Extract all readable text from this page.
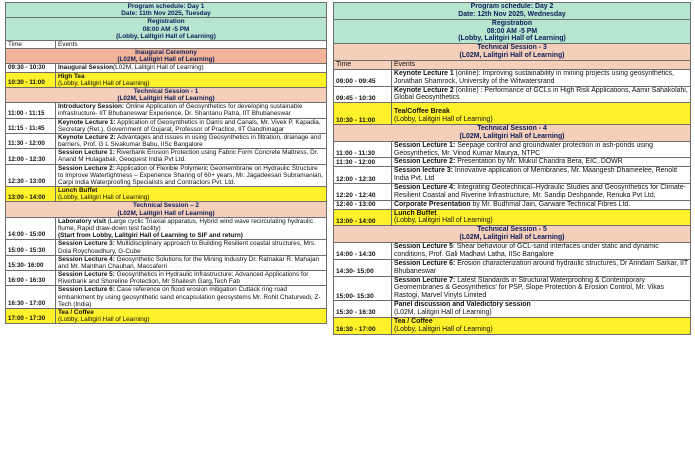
Program schedule: Day 1
Date: 11th Nov 2025, Tuesday	

Registration
08:00 AM -5 PM
(Lobby, Lalitgiri Hall of Learning)	

Time	Events

Inaugural Ceremony
(L02M, Lalitgiri Hall of Learning)	

09:30 - 10:30	Inaugural Session(L02M, Lalitgiri Hall of Learning)
10:30 - 11:00	High Tea
(Lobby, Lalitgiri Hall of Learning)

Technical Session - 1
(L02M, Lalitgiri Hall of Learning)	

11:00 - 11:15	Introductory Session: Online Application of Geosynthetics for developing sustainable infrastructure- IIT Bhubaneswar Experience, Dr. Shantanu Patra, IIT Bhubaneswar
11:15 - 11:45	Keynote Lecture 1: Application of Geosynthetics in Dams and Canals, Mr. Vivek P. Kapadia, Secretary (Ret.), Government of Gujarat, Professor of Practice, IIT Gandhinagar
11:30 - 12:00	Keynote Lecture 2: Advantages and issues in using Geosynthetics in filtration, drainage and barriers, Prof. G L Sivakumar Babu, IISc Bangalore
12:00 - 12:30	Session Lecture 1: Riverbank Erosion Protection using Fabric Form Concrete Mattress, Dr. Anand M Hulagabali, Geoquest India Pvt Ltd.
12:30 - 13:00	Session Lecture 2: Application of Flexible Polymeric Geomembrane on Hydraulic Structure to Improve Watertightness – Experience Sharing of 60+ years, Mr. Jagadeesan Subramanian, Carpi India Waterproofing Specialists and Contractors Pvt. Ltd.
13:00 - 14:00	Lunch Buffet
(Lobby, Lalitgiri Hall of Learning)

Technical Session – 2
(L02M, Lalitgiri Hall of Learning)	

14:00 - 15:00	Laboratory visit (Large cyclic Triaxial apparatus, Hybrid wind wave recirculating hydraulic flume, Rapid draw-down test facility)
(Start from Lobby, Lalitgiri Hall of Learning to SIF and return)

15:00 - 15:30	Session Lecture 3: Multidisciplinary approach to Building Resilient coastal structures, Mrs. Dola Roychowdhury, G-Cube
15:30- 16:00	Session Lecture 4: Geosynthetic Solutions for the Mining Industry Dr. Ratnakar R. Mahajan and Mr. Manthan Chauhan, Maccaferri
16:00 - 16:30	Session Lecture 5: Geosynthetics in Hydraulic Infrastructure: Advanced Applications for Riverbank and Shoreline Protection, Mr Shailesh Garg,Tech Fab
16:30 - 17:00	Session Lecture 6: Case reference on flood erosion mitigation Cuttack ring road embankment by using geosynthetic sand encapsulation geosystems Mr. Rohit Chaturvedi, Z-Tech (India)
17:00 - 17:30	Tea / Coffee
(Lobby, Lalitgiri Hall of Learning)
Program schedule: Day 2
Date: 12th Nov 2025, Wednesday	

Registration
08:00 AM -5 PM
(Lobby, Lalitgiri Hall of Learning)	

Technical Session - 3
(L02M, Lalitgiri Hall of Learning)	

Time	Events
09:00 - 09:45	Keynote Lecture 1 (online): Improving sustainability in mining projects using geosynthetics, Jonathan Shamrock, University of the Witwatersrand
09:45 - 10:30	Keynote Lecture 2 (online) : Performance of GCLs in High Risk Applications, Aamir Sahakolahi, Global Geosynthetics
10:30 - 11:00	Tea/Coffee Break
(Lobby, Lalitgiri Hall of Learning)

Technical Session - 4
(L02M, Lalitgiri Hall of Learning)	

11:00 - 11:30	Session Lecture 1: Seepage control and groundwater protection in ash-ponds using Geosynthetics, Mr. Vinod Kumar Maurya, NTPC
11:30 - 12:00	Session Lecture 2: Presentation by Mr. Mukul Chandra Bera, EIC, DOWR
12:00 - 12:30	Session lecture 3: Innovative application of Membranes, Mr. Maangesh Dhameelee, Renolit India Pvt. Ltd
12:20 - 12:40	Session Lecture 4: Integrating Geotechnical–Hydraulic Studies and Geosynthetics for Climate-Resilient Coastal and Riverine Infrastructure, Mr. Sandip Deshpande, Renuka Pvt Ltd,
12:40 - 13:00	Corporate Presentation by Mr. Budhmal Jain, Garware Technical Fibres Ltd.
13:00 - 14:00	Lunch Buffet
(Lobby, Lalitgiri Hall of Learning)

Technical Session - 5
(L02M, Lalitgiri Hall of Learning)	

14:00 - 14:30	Session Lecture 5: Shear behaviour of GCL-sand interfaces under static and dynamic conditions, Prof. Gali Madhavi Latha, IISc Bangalore
14:30- 15:00	Session Lecture 6: Erosion characterization around hydraulic structures, Dr Arindam Sarkar, IIT Bhubaneswar
15:00- 15:30	Session Lecture 7: Latest Standards in Structural Waterproofing & Contemporary Geomembranes & Geosynthetics' for PSP, Slope Protection & Erosion Control, Mr. Vikas Rastogi, Marvel Vinyls Limited
15:30 - 16:30	Panel discussion and Valedictory session
(L02M, Lalitgiri Hall of Learning)

16:30 - 17:00	Tea / Coffee
(Lobby, Lalitgiri Hall of Learning)
